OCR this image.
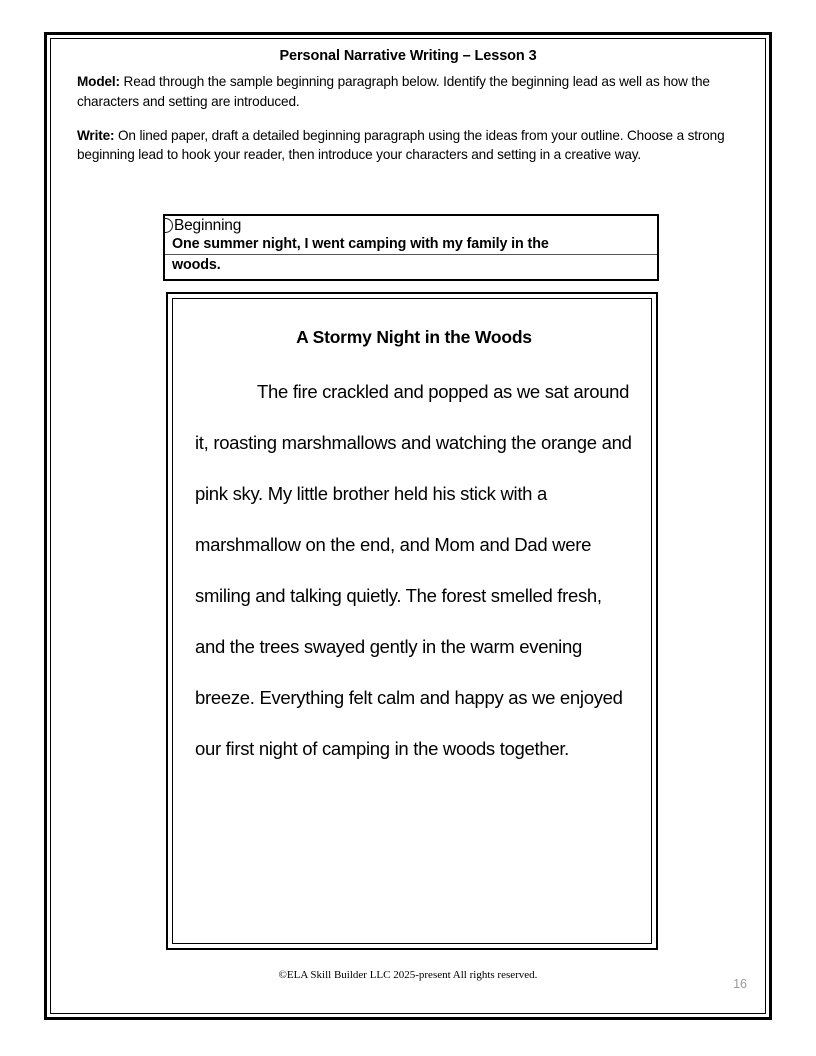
Personal Narrative Writing – Lesson 3

Model: Read through the sample beginning paragraph below. Identify the beginning lead as well as how the characters and setting are introduced.

Write: On lined paper, draft a detailed beginning paragraph using the ideas from your outline. Choose a strong beginning lead to hook your reader, then introduce your characters and setting in a creative way.

Beginning
One summer night, I went camping with my family in the
woods.
A Stormy Night in the Woods

The fire crackled and popped as we sat around it, roasting marshmallows and watching the orange and pink sky. My little brother held his stick with a marshmallow on the end, and Mom and Dad were smiling and talking quietly. The forest smelled fresh, and the trees swayed gently in the warm evening breeze. Everything felt calm and happy as we enjoyed our first night of camping in the woods together.

©ELA Skill Builder LLC 2025-present All rights reserved.
16
